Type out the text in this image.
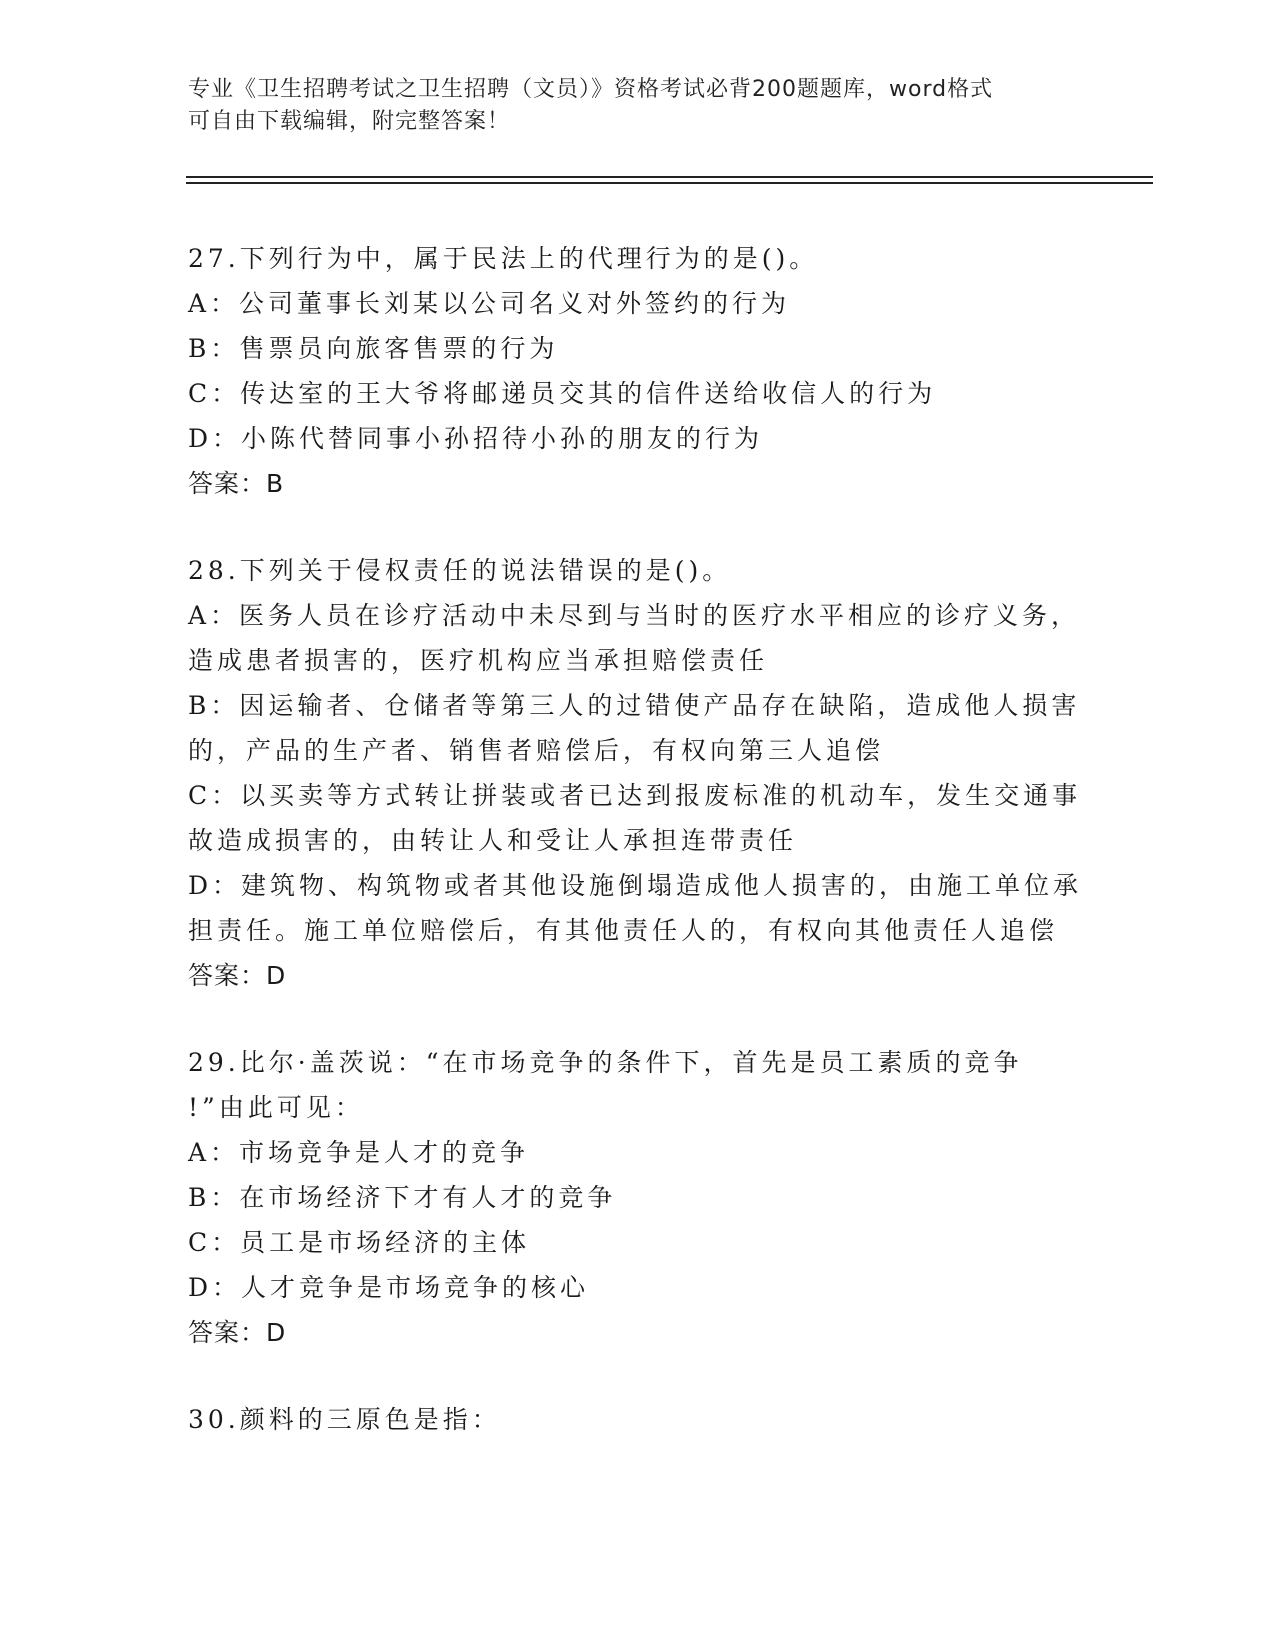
专业《卫生招聘考试之卫生招聘（文员）》资格考试必背200题题库，word格式
可自由下载编辑，附完整答案！
27.下列行为中，属于民法上的代理行为的是()。
A：公司董事长刘某以公司名义对外签约的行为
B：售票员向旅客售票的行为
C：传达室的王大爷将邮递员交其的信件送给收信人的行为
D：小陈代替同事小孙招待小孙的朋友的行为
答案：B
28.下列关于侵权责任的说法错误的是()。
A：医务人员在诊疗活动中未尽到与当时的医疗水平相应的诊疗义务，
造成患者损害的，医疗机构应当承担赔偿责任
B：因运输者、仓储者等第三人的过错使产品存在缺陷，造成他人损害
的，产品的生产者、销售者赔偿后，有权向第三人追偿
C：以买卖等方式转让拼装或者已达到报废标准的机动车，发生交通事
故造成损害的，由转让人和受让人承担连带责任
D：建筑物、构筑物或者其他设施倒塌造成他人损害的，由施工单位承
担责任。施工单位赔偿后，有其他责任人的，有权向其他责任人追偿
答案：D
29.比尔·盖茨说：“在市场竞争的条件下，首先是员工素质的竞争
!”由此可见：
A：市场竞争是人才的竞争
B：在市场经济下才有人才的竞争
C：员工是市场经济的主体
D：人才竞争是市场竞争的核心
答案：D
30.颜料的三原色是指：
